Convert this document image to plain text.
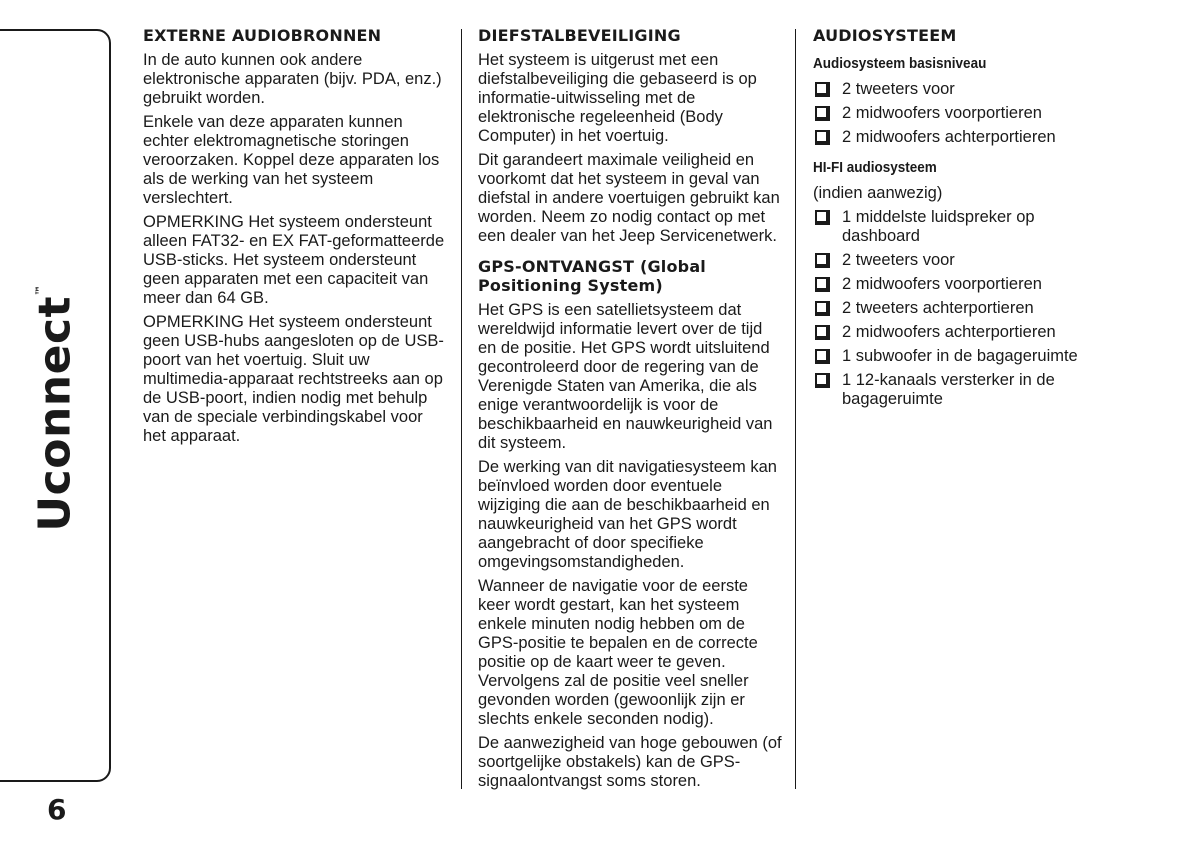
Uconnect™
6
EXTERNE AUDIOBRONNEN

In de auto kunnen ook andere elektronische apparaten (bijv. PDA, enz.) gebruikt worden.

Enkele van deze apparaten kunnen echter elektromagnetische storingen veroorzaken. Koppel deze apparaten los als de werking van het systeem verslechtert.

OPMERKING Het systeem ondersteunt alleen FAT32- en EX FAT-geformatteerde USB-sticks. Het systeem ondersteunt geen apparaten met een capaciteit van meer dan 64 GB.

OPMERKING Het systeem ondersteunt geen USB-hubs aangesloten op de USB-poort van het voertuig. Sluit uw multimedia-apparaat rechtstreeks aan op de USB-poort, indien nodig met behulp van de speciale verbindingskabel voor het apparaat.

DIEFSTALBEVEILIGING

Het systeem is uitgerust met een diefstalbeveiliging die gebaseerd is op informatie-uitwisseling met de elektronische regeleenheid (Body Computer) in het voertuig.

Dit garandeert maximale veiligheid en voorkomt dat het systeem in geval van diefstal in andere voertuigen gebruikt kan worden. Neem zo nodig contact op met een dealer van het Jeep Servicenetwerk.

GPS-ONTVANGST (Global Positioning System)

Het GPS is een satellietsysteem dat wereldwijd informatie levert over de tijd en de positie. Het GPS wordt uitsluitend gecontroleerd door de regering van de Verenigde Staten van Amerika, die als enige verantwoordelijk is voor de beschikbaarheid en nauwkeurigheid van dit systeem.

De werking van dit navigatiesysteem kan beïnvloed worden door eventuele wijziging die aan de beschikbaarheid en nauwkeurigheid van het GPS wordt aangebracht of door specifieke omgevingsomstandigheden.

Wanneer de navigatie voor de eerste keer wordt gestart, kan het systeem enkele minuten nodig hebben om de GPS-positie te bepalen en de correcte positie op de kaart weer te geven. Vervolgens zal de positie veel sneller gevonden worden (gewoonlijk zijn er slechts enkele seconden nodig).

De aanwezigheid van hoge gebouwen (of soortgelijke obstakels) kan de GPS-signaalontvangst soms storen.

AUDIOSYSTEEM
Audiosysteem basisniveau
2 tweeters voor
2 midwoofers voorportieren
2 midwoofers achterportieren
HI-FI audiosysteem

(indien aanwezig)

1 middelste luidspreker op dashboard
2 tweeters voor
2 midwoofers voorportieren
2 tweeters achterportieren
2 midwoofers achterportieren
1 subwoofer in de bagageruimte
1 12-kanaals versterker in de bagageruimte
